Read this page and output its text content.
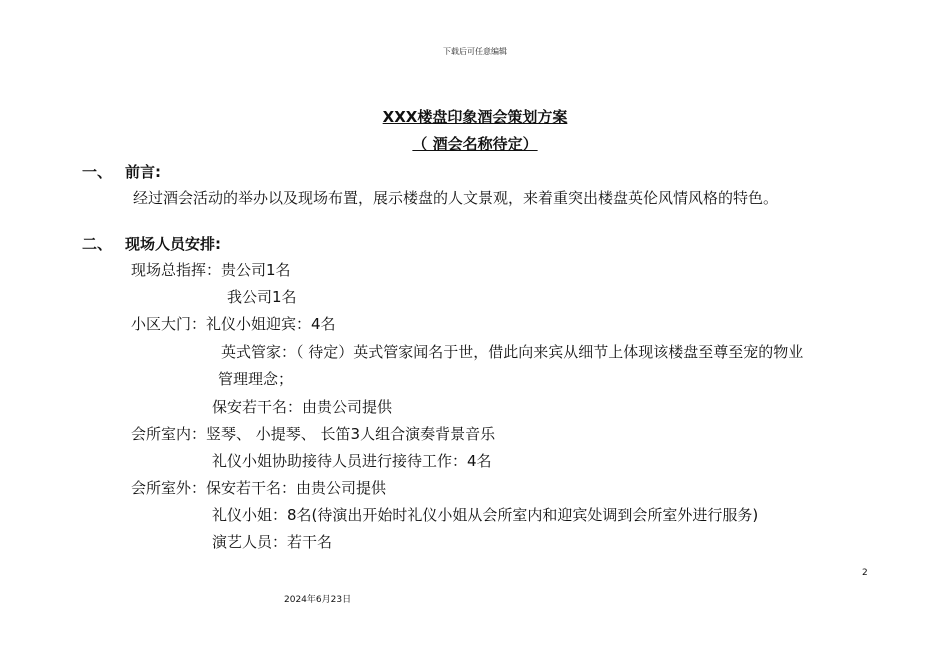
下载后可任意编辑
XXX楼盘印象酒会策划方案
（ 酒会名称待定）
一、 前言:
经过酒会活动的举办以及现场布置，展示楼盘的人文景观，来着重突出楼盘英伦风情风格的特色。
二、 现场人员安排:
现场总指挥：贵公司1名
我公司1名
小区大门：礼仪小姐迎宾：4名
英式管家：（ 待定）英式管家闻名于世，借此向来宾从细节上体现该楼盘至尊至宠的物业
管理理念；
保安若干名：由贵公司提供
会所室内：竖琴、 小提琴、 长笛3人组合演奏背景音乐
礼仪小姐协助接待人员进行接待工作：4名
会所室外：保安若干名：由贵公司提供
礼仪小姐：8名(待演出开始时礼仪小姐从会所室内和迎宾处调到会所室外进行服务)
演艺人员：若干名
2
2024年6月23日
